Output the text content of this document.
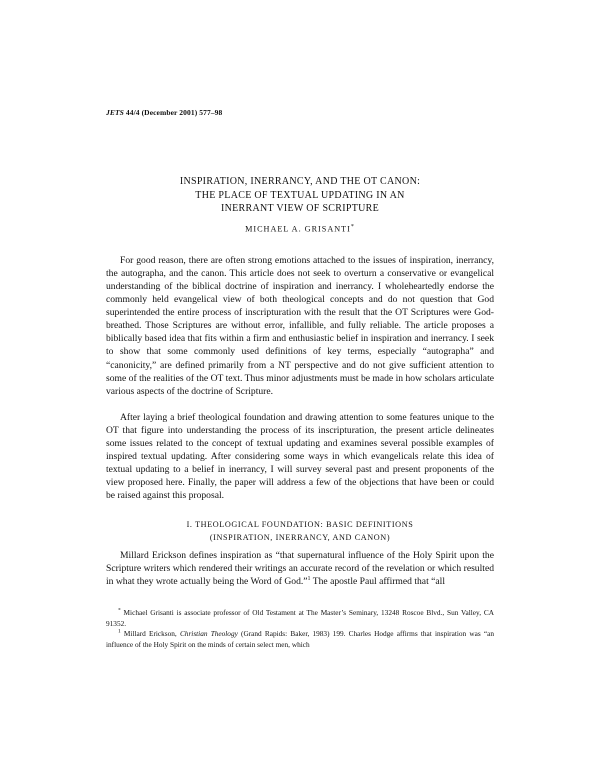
JETS 44/4 (December 2001) 577–98
INSPIRATION, INERRANCY, AND THE OT CANON:
THE PLACE OF TEXTUAL UPDATING IN AN
INERRANT VIEW OF SCRIPTURE
MICHAEL A. GRISANTI*

For good reason, there are often strong emotions attached to the issues of inspiration, inerrancy, the autographa, and the canon. This article does not seek to overturn a conservative or evangelical understanding of the biblical doctrine of inspiration and inerrancy. I wholeheartedly endorse the commonly held evangelical view of both theological concepts and do not question that God superintended the entire process of inscripturation with the result that the OT Scriptures were God-breathed. Those Scriptures are without error, infallible, and fully reliable. The article proposes a biblically based idea that fits within a firm and enthusiastic belief in inspiration and inerrancy. I seek to show that some commonly used definitions of key terms, especially “autographa” and “canonicity,” are defined primarily from a NT perspective and do not give sufficient attention to some of the realities of the OT text. Thus minor adjustments must be made in how scholars articulate various aspects of the doctrine of Scripture.

After laying a brief theological foundation and drawing attention to some features unique to the OT that figure into understanding the process of its inscripturation, the present article delineates some issues related to the concept of textual updating and examines several possible examples of inspired textual updating. After considering some ways in which evangelicals relate this idea of textual updating to a belief in inerrancy, I will survey several past and present proponents of the view proposed here. Finally, the paper will address a few of the objections that have been or could be raised against this proposal.

I. THEOLOGICAL FOUNDATION: BASIC DEFINITIONS
(INSPIRATION, INERRANCY, AND CANON)

Millard Erickson defines inspiration as “that supernatural influence of the Holy Spirit upon the Scripture writers which rendered their writings an accurate record of the revelation or which resulted in what they wrote actually being the Word of God.”$^1$ The apostle Paul affirmed that “all

* Michael Grisanti is associate professor of Old Testament at The Master’s Seminary, 13248 Roscoe Blvd., Sun Valley, CA 91352.

$^1$ Millard Erickson, Christian Theology (Grand Rapids: Baker, 1983) 199. Charles Hodge affirms that inspiration was “an influence of the Holy Spirit on the minds of certain select men, which
